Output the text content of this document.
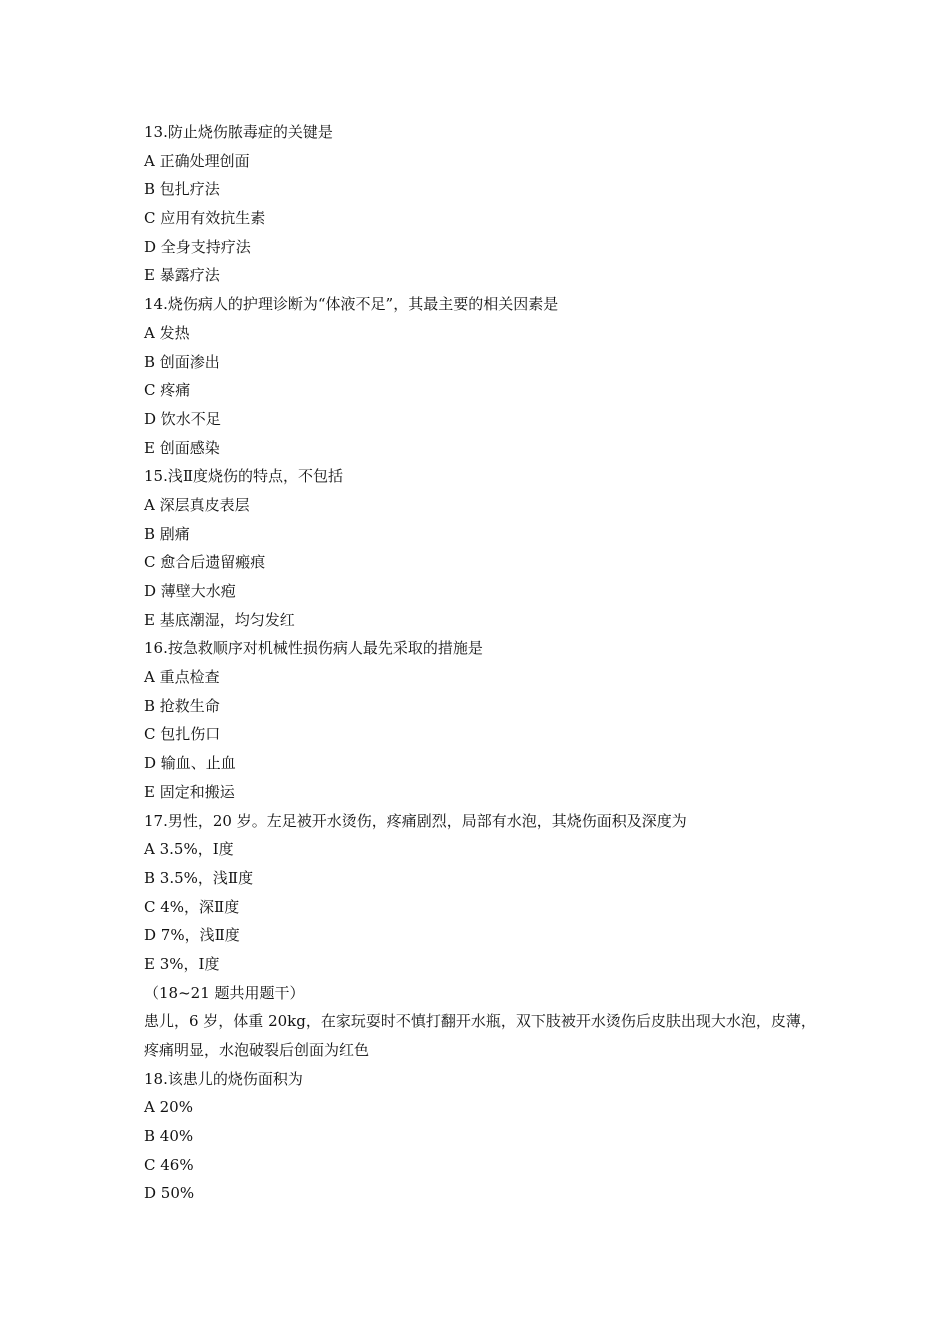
13.防止烧伤脓毒症的关键是
A 正确处理创面
B 包扎疗法
C 应用有效抗生素
D 全身支持疗法
E 暴露疗法
14.烧伤病人的护理诊断为“体液不足”，其最主要的相关因素是
A 发热
B 创面渗出
C 疼痛
D 饮水不足
E 创面感染
15.浅Ⅱ度烧伤的特点，不包括
A 深层真皮表层
B 剧痛
C 愈合后遗留瘢痕
D 薄壁大水疱
E 基底潮湿，均匀发红
16.按急救顺序对机械性损伤病人最先采取的措施是
A 重点检查
B 抢救生命
C 包扎伤口
D 输血、止血
E 固定和搬运
17.男性，20 岁。左足被开水烫伤，疼痛剧烈，局部有水泡，其烧伤面积及深度为
A 3.5%，Ⅰ度
B 3.5%，浅Ⅱ度
C 4%，深Ⅱ度
D 7%，浅Ⅱ度
E 3%，Ⅰ度
（18~21 题共用题干）
患儿，6 岁，体重 20kg，在家玩耍时不慎打翻开水瓶，双下肢被开水烫伤后皮肤出现大水泡，皮薄，疼痛明显，水泡破裂后创面为红色
18.该患儿的烧伤面积为
A 20%
B 40%
C 46%
D 50%
